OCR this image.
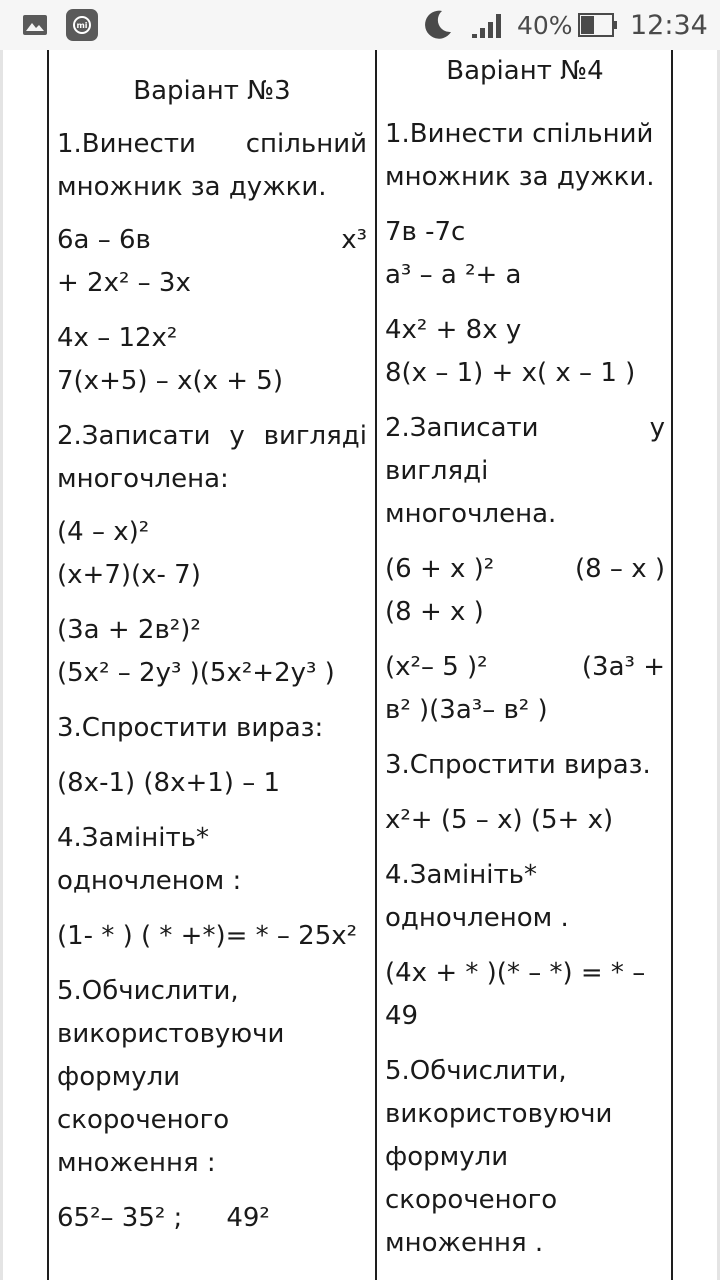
mi	40% 12:34
Варіант №3
1.Винести спільний
множник за дужки.
6а – 6в	x³
+ 2x² – 3x
4x – 12x²
7(x+5) – x(x + 5)
2.Записати у вигляді
многочлена:
(4 – x)²
(x+7)(x- 7)
(3a + 2в²)²
(5x² – 2y³ )(5x²+2y³ )
3.Спростити вираз:
(8x-1) (8x+1) – 1
4.Замініть*
одночленом :
(1- * ) ( * +*)= * – 25x²
5.Обчислити,
використовуючи
формули
скороченого
множення :
65²– 35² ; 49²
Варіант №4
1.Винести спільний
множник за дужки.
7в -7с
a³ – a ²+ a
4x² + 8x y
8(x – 1) + x( x – 1 )
2.Записати	у
вигляді
многочлена.
(6 + x )²	(8 – x )
(8 + x )
(x²– 5 )²	(3a³ +
в² )(3a³– в² )
3.Спростити вираз.
x²+ (5 – x) (5+ x)
4.Замініть*
одночленом .
(4x + * )(* – *) = * –
49
5.Обчислити,
використовуючи
формули
скороченого
множення .
